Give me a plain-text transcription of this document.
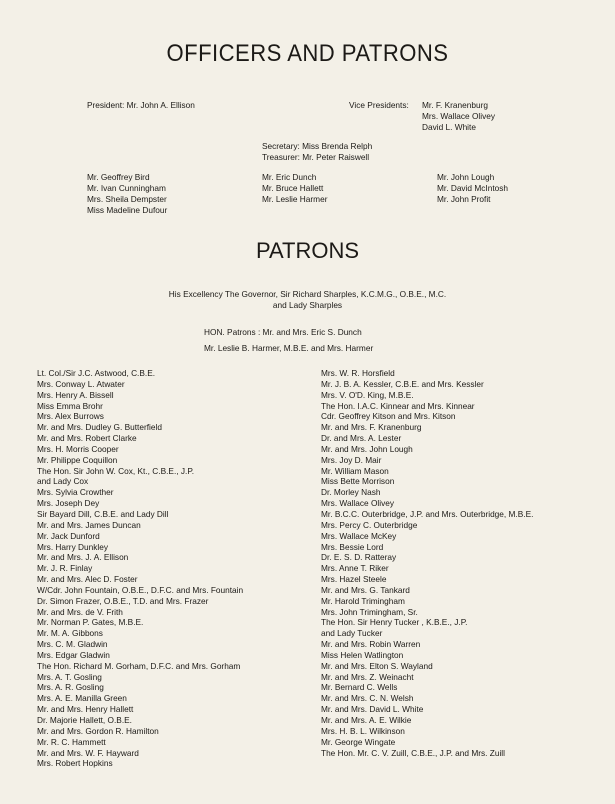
OFFICERS AND PATRONS
President: Mr. John A. Ellison	Vice Presidents: Mr. F. Kranenburg
Mrs. Wallace Olivey
David L. White
Secretary: Miss Brenda Relph
Treasurer: Mr. Peter Raiswell
Mr. Geoffrey Bird
Mr. Ivan Cunningham
Mrs. Sheila Dempster
Miss Madeline Dufour
Mr. Eric Dunch
Mr. Bruce Hallett
Mr. Leslie Harmer
Mr. John Lough
Mr. David McIntosh
Mr. John Profit
PATRONS
His Excellency The Governor, Sir Richard Sharples, K.C.M.G., O.B.E., M.C.
and Lady Sharples
HON. Patrons : Mr. and Mrs. Eric S. Dunch
Mr. Leslie B. Harmer, M.B.E. and Mrs. Harmer
Lt. Col./Sir J.C. Astwood, C.B.E.
Mrs. Conway L. Atwater
Mrs. Henry A. Bissell
Miss Emma Brohr
Mrs. Alex Burrows
Mr. and Mrs. Dudley G. Butterfield
Mr. and Mrs. Robert Clarke
Mrs. H. Morris Cooper
Mr. Philippe Coquillon
The Hon. Sir John W. Cox, Kt., C.B.E., J.P.
and Lady Cox
Mrs. Sylvia Crowther
Mrs. Joseph Dey
Sir Bayard Dill, C.B.E. and Lady Dill
Mr. and Mrs. James Duncan
Mr. Jack Dunford
Mrs. Harry Dunkley
Mr. and Mrs. J. A. Ellison
Mr. J. R. Finlay
Mr. and Mrs. Alec D. Foster
W/Cdr. John Fountain, O.B.E., D.F.C. and Mrs. Fountain
Dr. Simon Frazer, O.B.E., T.D. and Mrs. Frazer
Mr. and Mrs. de V. Frith
Mr. Norman P. Gates, M.B.E.
Mr. M. A. Gibbons
Mrs. C. M. Gladwin
Mrs. Edgar Gladwin
The Hon. Richard M. Gorham, D.F.C. and Mrs. Gorham
Mrs. A. T. Gosling
Mrs. A. R. Gosling
Mrs. A. E. Manilla Green
Mr. and Mrs. Henry Hallett
Dr. Majorie Hallett, O.B.E.
Mr. and Mrs. Gordon R. Hamilton
Mr. R. C. Hammett
Mr. and Mrs. W. F. Hayward
Mrs. Robert Hopkins
Mrs. W. R. Horsfield
Mr. J. B. A. Kessler, C.B.E. and Mrs. Kessler
Mrs. V. O'D. King, M.B.E.
The Hon. I.A.C. Kinnear and Mrs. Kinnear
Cdr. Geoffrey Kitson and Mrs. Kitson
Mr. and Mrs. F. Kranenburg
Dr. and Mrs. A. Lester
Mr. and Mrs. John Lough
Mrs. Joy D. Mair
Mr. William Mason
Miss Bette Morrison
Dr. Morley Nash
Mrs. Wallace Olivey
Mr. B.C.C. Outerbridge, J.P. and Mrs. Outerbridge, M.B.E.
Mrs. Percy C. Outerbridge
Mrs. Wallace McKey
Mrs. Bessie Lord
Dr. E. S. D. Ratteray
Mrs. Anne T. Riker
Mrs. Hazel Steele
Mr. and Mrs. G. Tankard
Mr. Harold Trimingham
Mrs. John Trimingham, Sr.
The Hon. Sir Henry Tucker , K.B.E., J.P.
and Lady Tucker
Mr. and Mrs. Robin Warren
Miss Helen Watlington
Mr. and Mrs. Elton S. Wayland
Mr. and Mrs. Z. Weinacht
Mr. Bernard C. Wells
Mr. and Mrs. C. N. Welsh
Mr. and Mrs. David L. White
Mr. and Mrs. A. E. Wilkie
Mrs. H. B. L. Wilkinson
Mr. George Wingate
The Hon. Mr. C. V. Zuill, C.B.E., J.P. and Mrs. Zuill
